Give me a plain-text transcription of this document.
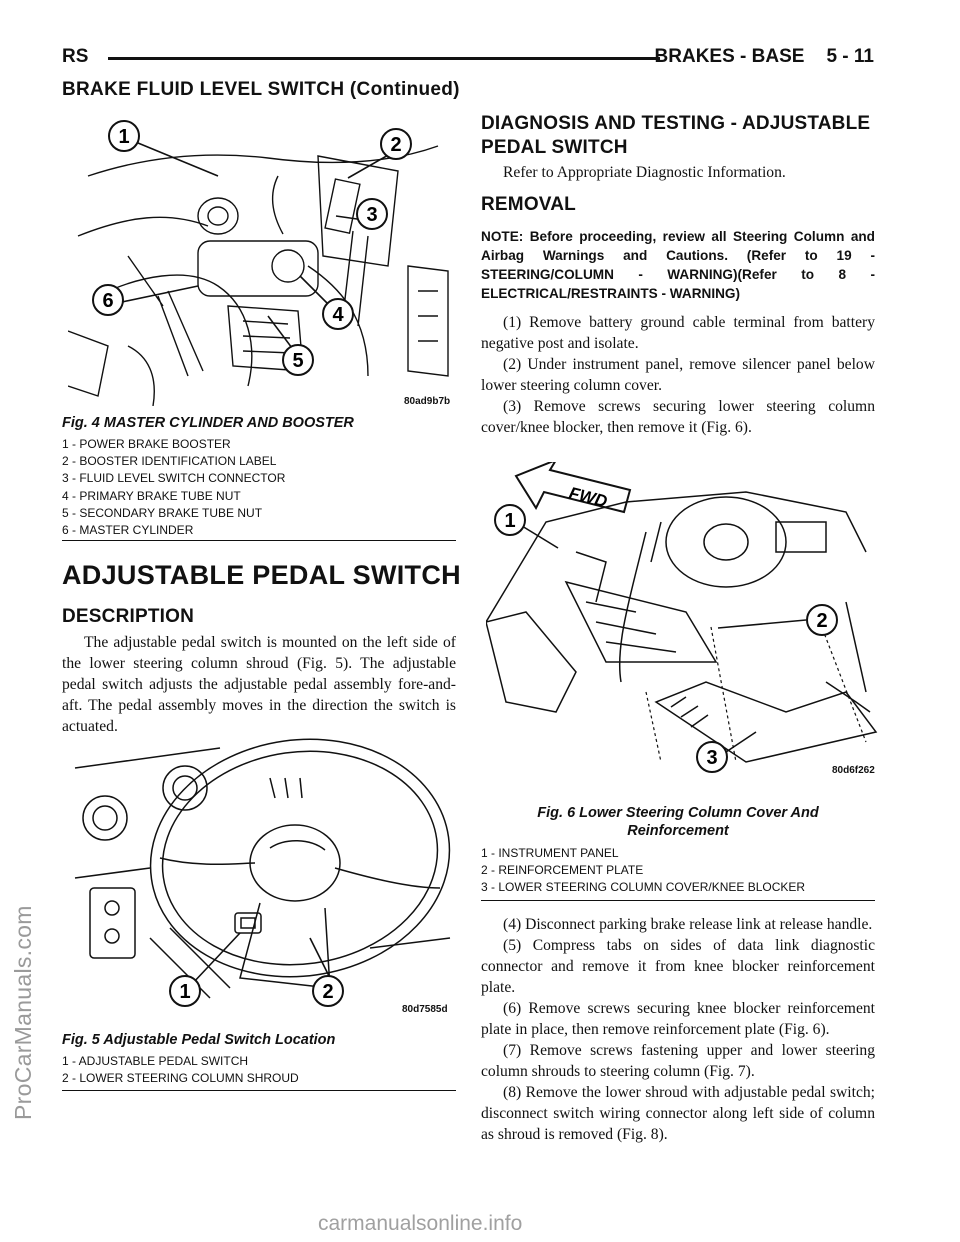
RS	BRAKES - BASE 5 - 11
BRAKE FLUID LEVEL SWITCH (Continued)
1	2
3
4
5
6
80ad9b7b
Fig. 4 MASTER CYLINDER AND BOOSTER
1 - POWER BRAKE BOOSTER
2 - BOOSTER IDENTIFICATION LABEL
3 - FLUID LEVEL SWITCH CONNECTOR
4 - PRIMARY BRAKE TUBE NUT
5 - SECONDARY BRAKE TUBE NUT
6 - MASTER CYLINDER
ADJUSTABLE PEDAL SWITCH
DESCRIPTION

The adjustable pedal switch is mounted on the left side of the lower steering column shroud (Fig. 5). The adjustable pedal switch adjusts the adjustable pedal assembly fore-and-aft. The pedal assembly moves in the direction the switch is actuated.

1	2
80d7585d
Fig. 5 Adjustable Pedal Switch Location
1 - ADJUSTABLE PEDAL SWITCH
2 - LOWER STEERING COLUMN SHROUD
DIAGNOSIS AND TESTING - ADJUSTABLE
PEDAL SWITCH

Refer to Appropriate Diagnostic Information.

REMOVAL
NOTE: Before proceeding, review all Steering Column and Airbag Warnings and Cautions. (Refer to 19 - STEERING/COLUMN - WARNING)(Refer to 8 - ELECTRICAL/RESTRAINTS - WARNING)

(1) Remove battery ground cable terminal from battery negative post and isolate.

(2) Under instrument panel, remove silencer panel below lower steering column cover.

(3) Remove screws securing lower steering column cover/knee blocker, then remove it (Fig. 6).

FWD
1
2
3
80d6f262
Fig. 6 Lower Steering Column Cover And
Reinforcement
1 - INSTRUMENT PANEL
2 - REINFORCEMENT PLATE
3 - LOWER STEERING COLUMN COVER/KNEE BLOCKER

(4) Disconnect parking brake release link at release handle.

(5) Compress tabs on sides of data link diagnostic connector and remove it from knee blocker reinforcement plate.

(6) Remove screws securing knee blocker reinforcement plate in place, then remove reinforcement plate (Fig. 6).

(7) Remove screws fastening upper and lower steering column shrouds to steering column (Fig. 7).

(8) Remove the lower shroud with adjustable pedal switch; disconnect switch wiring connector along left side of column as shroud is removed (Fig. 8).

ProCarManuals.com
carmanualsonline.info
